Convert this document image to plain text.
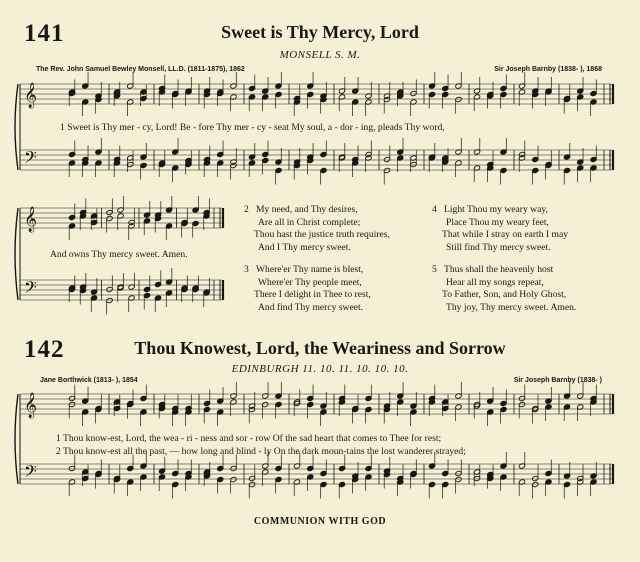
141	Sweet is Thy Mercy, Lord
MONSELL S. M.
The Rev. John Samuel Bewley Monsell, LL.D. (1811-1875), 1862	Sir Joseph Barnby (1838- ), 1868
𝄞
𝄢
1 Sweet is Thy mer - cy, Lord! Be - fore Thy mer - cy - seat My soul, a - dor - ing, pleads Thy word,
𝄞
𝄢
And owns Thy mercy sweet. Amen.
2 My need, and Thy desires,
Are all in Christ complete;
Thou hast the justice truth requires,
And I Thy mercy sweet.
3 Where'er Thy name is blest,
Where'er Thy people meet,
There I delight in Thee to rest,
And find Thy mercy sweet.
4 Light Thou my weary way,
Place Thou my weary feet,
That while I stray on earth I may
Still find Thy mercy sweet.
5 Thus shall the heavenly host
Hear all my songs repeat,
To Father, Son, and Holy Ghost,
Thy joy, Thy mercy sweet. Amen.
142	Thou Knowest, Lord, the Weariness and Sorrow
EDINBURGH 11. 10. 11. 10. 10. 10.
Jane Borthwick (1813- ), 1854	Sir Joseph Barnby (1838- )
𝄞
𝄢
1 Thou know-est, Lord, the wea - ri - ness and sor - row Of the sad heart that comes to Thee for rest;
2 Thou know-est all the past, — how long and blind - ly On the dark moun-tains the lost wanderer strayed;
COMMUNION WITH GOD
